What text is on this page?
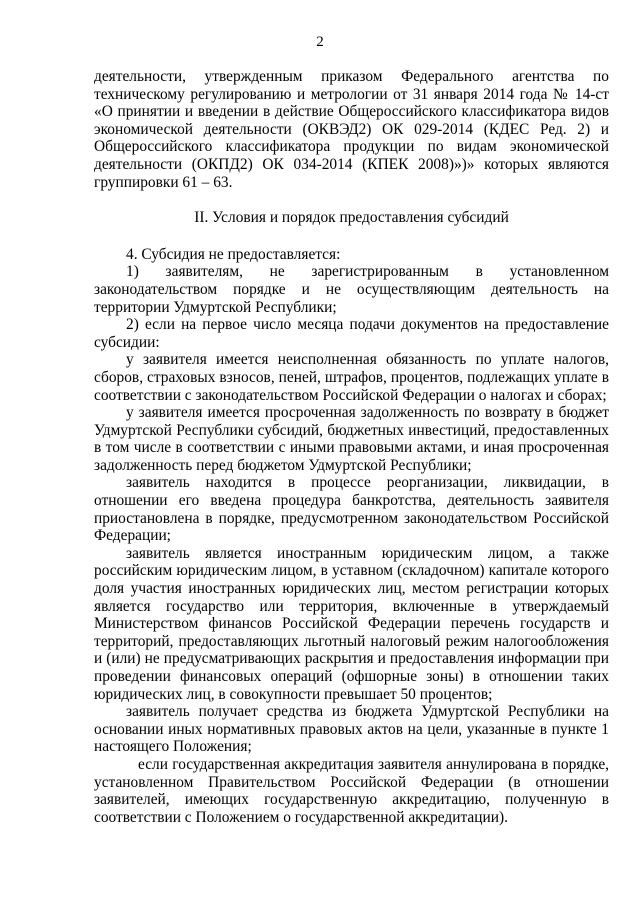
2
деятельности, утвержденным приказом Федерального агентства по техническому регулированию и метрологии от 31 января 2014 года № 14-ст «О принятии и введении в действие Общероссийского классификатора видов экономической деятельности (ОКВЭД2) ОК 029-2014 (КДЕС Ред. 2) и Общероссийского классификатора продукции по видам экономической деятельности (ОКПД2) ОК 034-2014 (КПЕК 2008)»)» которых являются группировки 61 – 63.
II. Условия и порядок предоставления субсидий
4. Субсидия не предоставляется:
1) заявителям, не зарегистрированным в установленном законодательством порядке и не осуществляющим деятельность на территории Удмуртской Республики;
2) если на первое число месяца подачи документов на предоставление субсидии:
у заявителя имеется неисполненная обязанность по уплате налогов, сборов, страховых взносов, пеней, штрафов, процентов, подлежащих уплате в соответствии с законодательством Российской Федерации о налогах и сборах;
у заявителя имеется просроченная задолженность по возврату в бюджет Удмуртской Республики субсидий, бюджетных инвестиций, предоставленных в том числе в соответствии с иными правовыми актами, и иная просроченная задолженность перед бюджетом Удмуртской Республики;
заявитель находится в процессе реорганизации, ликвидации, в отношении его введена процедура банкротства, деятельность заявителя приостановлена в порядке, предусмотренном законодательством Российской Федерации;
заявитель является иностранным юридическим лицом, а также российским юридическим лицом, в уставном (складочном) капитале которого доля участия иностранных юридических лиц, местом регистрации которых является государство или территория, включенные в утверждаемый Министерством финансов Российской Федерации перечень государств и территорий, предоставляющих льготный налоговый режим налогообложения и (или) не предусматривающих раскрытия и предоставления информации при проведении финансовых операций (офшорные зоны) в отношении таких юридических лиц, в совокупности превышает 50 процентов;
заявитель получает средства из бюджета Удмуртской Республики на основании иных нормативных правовых актов на цели, указанные в пункте 1 настоящего Положения;
если государственная аккредитация заявителя аннулирована в порядке, установленном Правительством Российской Федерации (в отношении заявителей, имеющих государственную аккредитацию, полученную в соответствии с Положением о государственной аккредитации).
